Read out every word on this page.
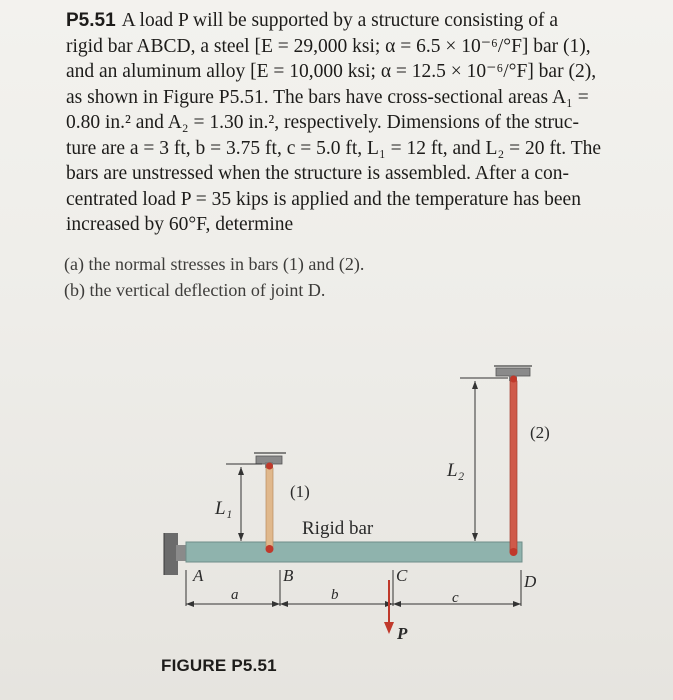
P5.51 A load P will be supported by a structure consisting of a
rigid bar ABCD, a steel [E = 29,000 ksi; α = 6.5 × 10⁻⁶/°F] bar (1),
and an aluminum alloy [E = 10,000 ksi; α = 12.5 × 10⁻⁶/°F] bar (2),
as shown in Figure P5.51. The bars have cross-sectional areas A₁ =
0.80 in.² and A₂ = 1.30 in.², respectively. Dimensions of the struc-
ture are a = 3 ft, b = 3.75 ft, c = 5.0 ft, L₁ = 12 ft, and L₂ = 20 ft. The
bars are unstressed when the structure is assembled. After a con-
centrated load P = 35 kips is applied and the temperature has been
increased by 60°F, determine
(a) the normal stresses in bars (1) and (2).
(b) the vertical deflection of joint D.
(2)
(1)
L₂
L₁
Rigid bar
A	B	C	D
a	b	c
P
FIGURE P5.51
